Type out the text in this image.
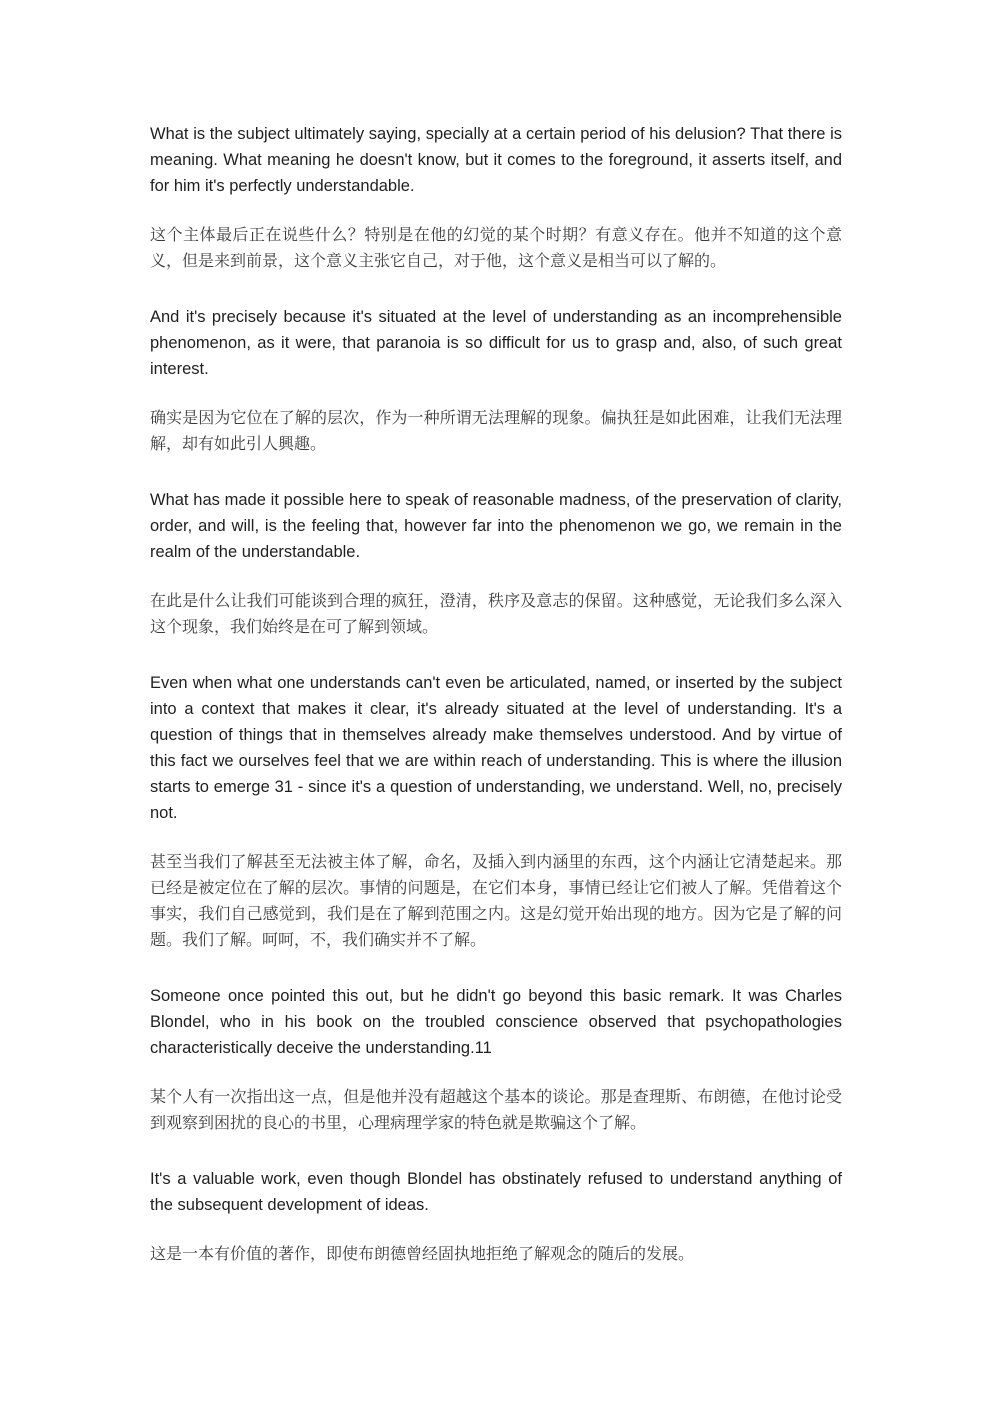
What is the subject ultimately saying, specially at a certain period of his delusion? That there is meaning. What meaning he doesn't know, but it comes to the foreground, it asserts itself, and for him it's perfectly understandable.

这个主体最后正在说些什么？特别是在他的幻觉的某个时期？有意义存在。他并不知道的这个意义，但是来到前景，这个意义主张它自己，对于他，这个意义是相当可以了解的。

And it's precisely because it's situated at the level of understanding as an incomprehensible phenomenon, as it were, that paranoia is so difficult for us to grasp and, also, of such great interest.

确实是因为它位在了解的层次，作为一种所谓无法理解的现象。偏执狂是如此困难，让我们无法理解，却有如此引人興趣。

What has made it possible here to speak of reasonable madness, of the preservation of clarity, order, and will, is the feeling that, however far into the phenomenon we go, we remain in the realm of the understandable.

在此是什么让我们可能谈到合理的疯狂，澄清，秩序及意志的保留。这种感觉，无论我们多么深入这个现象，我们始终是在可了解到领域。

Even when what one understands can't even be articulated, named, or inserted by the subject into a context that makes it clear, it's already situated at the level of understanding. It's a question of things that in themselves already make themselves understood. And by virtue of this fact we ourselves feel that we are within reach of understanding. This is where the illusion starts to emerge 31 - since it's a question of understanding, we understand. Well, no, precisely not.

甚至当我们了解甚至无法被主体了解，命名，及插入到内涵里的东西，这个内涵让它清楚起来。那已经是被定位在了解的层次。事情的问题是，在它们本身，事情已经让它们被人了解。凭借着这个事实，我们自己感觉到，我们是在了解到范围之内。这是幻觉开始出现的地方。因为它是了解的问题。我们了解。呵呵，不，我们确实并不了解。

Someone once pointed this out, but he didn't go beyond this basic remark. It was Charles Blondel, who in his book on the troubled conscience observed that psychopathologies characteristically deceive the understanding.11

某个人有一次指出这一点，但是他并没有超越这个基本的谈论。那是查理斯、布朗德，在他讨论受到观察到困扰的良心的书里，心理病理学家的特色就是欺骗这个了解。

It's a valuable work, even though Blondel has obstinately refused to understand anything of the subsequent development of ideas.

这是一本有价值的著作，即使布朗德曾经固执地拒绝了解观念的随后的发展。
